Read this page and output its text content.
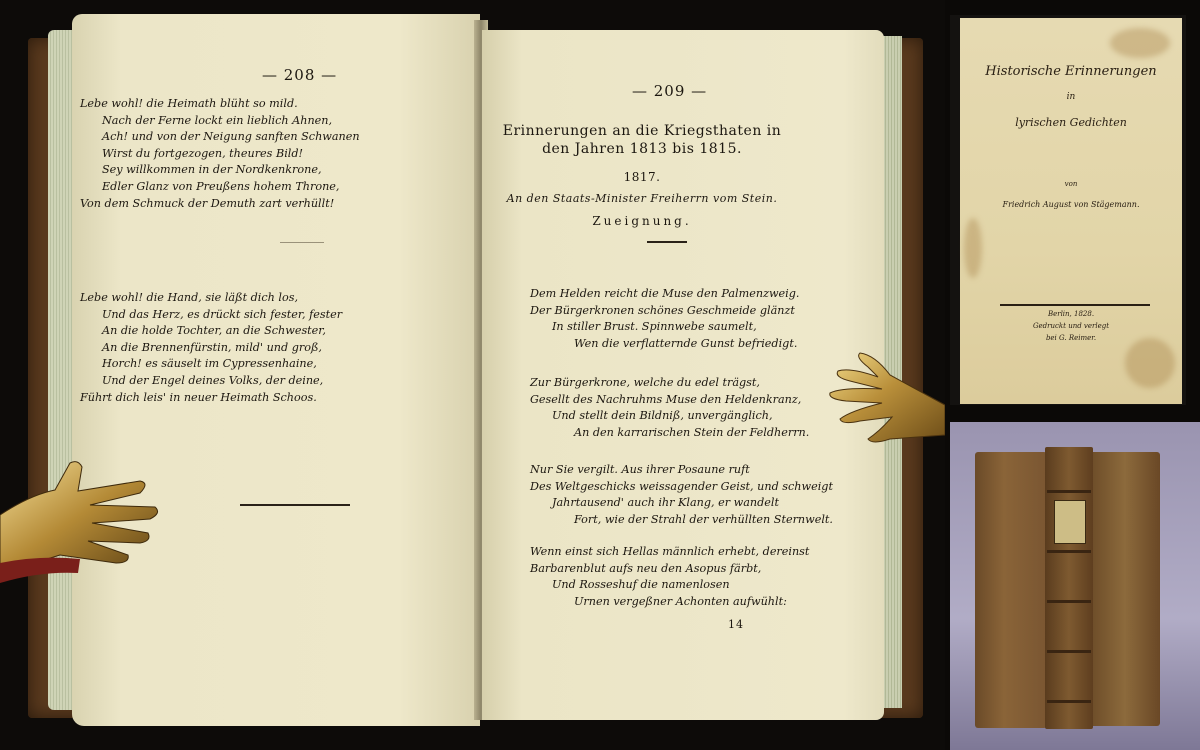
— 208 —
Lebe wohl! die Heimath blüht so mild.
Nach der Ferne lockt ein lieblich Ahnen,
Ach! und von der Neigung sanften Schwanen
Wirst du fortgezogen, theures Bild!
Sey willkommen in der Nordkenkrone,
Edler Glanz von Preußens hohem Throne,
Von dem Schmuck der Demuth zart verhüllt!
Lebe wohl! die Hand, sie läßt dich los,
Und das Herz, es drückt sich fester, fester
An die holde Tochter, an die Schwester,
An die Brennenfürstin, mild' und groß,
Horch! es säuselt im Cypressenhaine,
Und der Engel deines Volks, der deine,
Führt dich leis' in neuer Heimath Schoos.
— 209 —
Erinnerungen an die Kriegsthaten in
den Jahren 1813 bis 1815.
1817.
An den Staats-Minister Freiherrn vom Stein.
Zueignung.
Dem Helden reicht die Muse den Palmenzweig.
Der Bürgerkronen schönes Geschmeide glänzt
In stiller Brust. Spinnwebe saumelt,
Wen die verflatternde Gunst befriedigt.
Zur Bürgerkrone, welche du edel trägst,
Gesellt des Nachruhms Muse den Heldenkranz,
Und stellt dein Bildniß, unvergänglich,
An den karrarischen Stein der Feldherrn.
Nur Sie vergilt. Aus ihrer Posaune ruft
Des Weltgeschicks weissagender Geist, und schweigt
Jahrtausend' auch ihr Klang, er wandelt
Fort, wie der Strahl der verhüllten Sternwelt.
Wenn einst sich Hellas männlich erhebt, dereinst
Barbarenblut aufs neu den Asopus färbt,
Und Rosseshuf die namenlosen
Urnen vergeßner Achonten aufwühlt:
14
Historische Erinnerungen
in
lyrischen Gedichten
von
Friedrich August von Stägemann.
Berlin, 1828.
Gedruckt und verlegt
bei G. Reimer.
